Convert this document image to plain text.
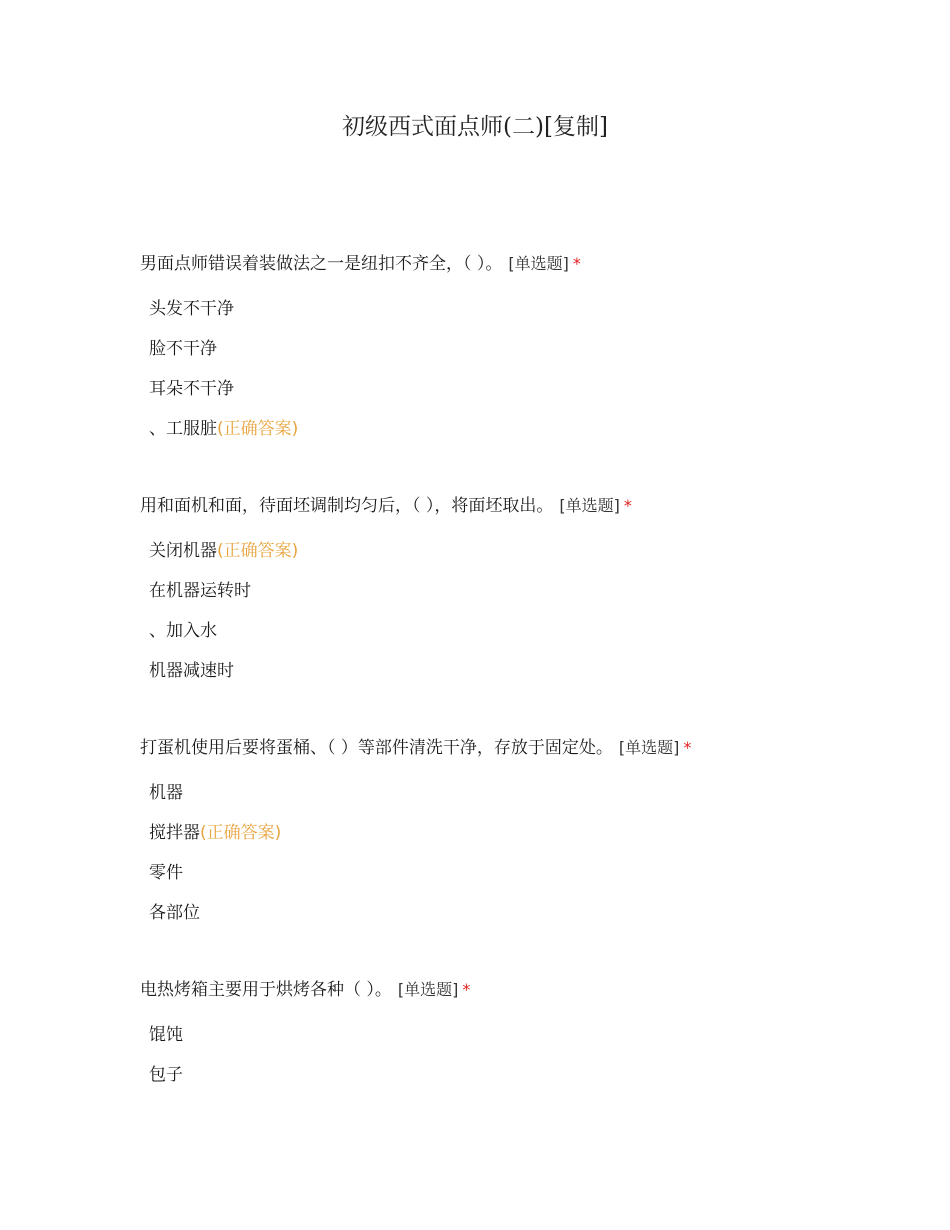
初级西式面点师(二)[复制]
男面点师错误着装做法之一是纽扣不齐全，（ ）。 [单选题] *
头发不干净
脸不干净
耳朵不干净
、工服脏(正确答案)
用和面机和面，待面坯调制均匀后，（ ），将面坯取出。 [单选题] *
关闭机器(正确答案)
在机器运转时
、加入水
机器减速时
打蛋机使用后要将蛋桶、（ ）等部件清洗干净，存放于固定处。 [单选题] *
机器
搅拌器(正确答案)
零件
各部位
电热烤箱主要用于烘烤各种（ ）。 [单选题] *
馄饨
包子
